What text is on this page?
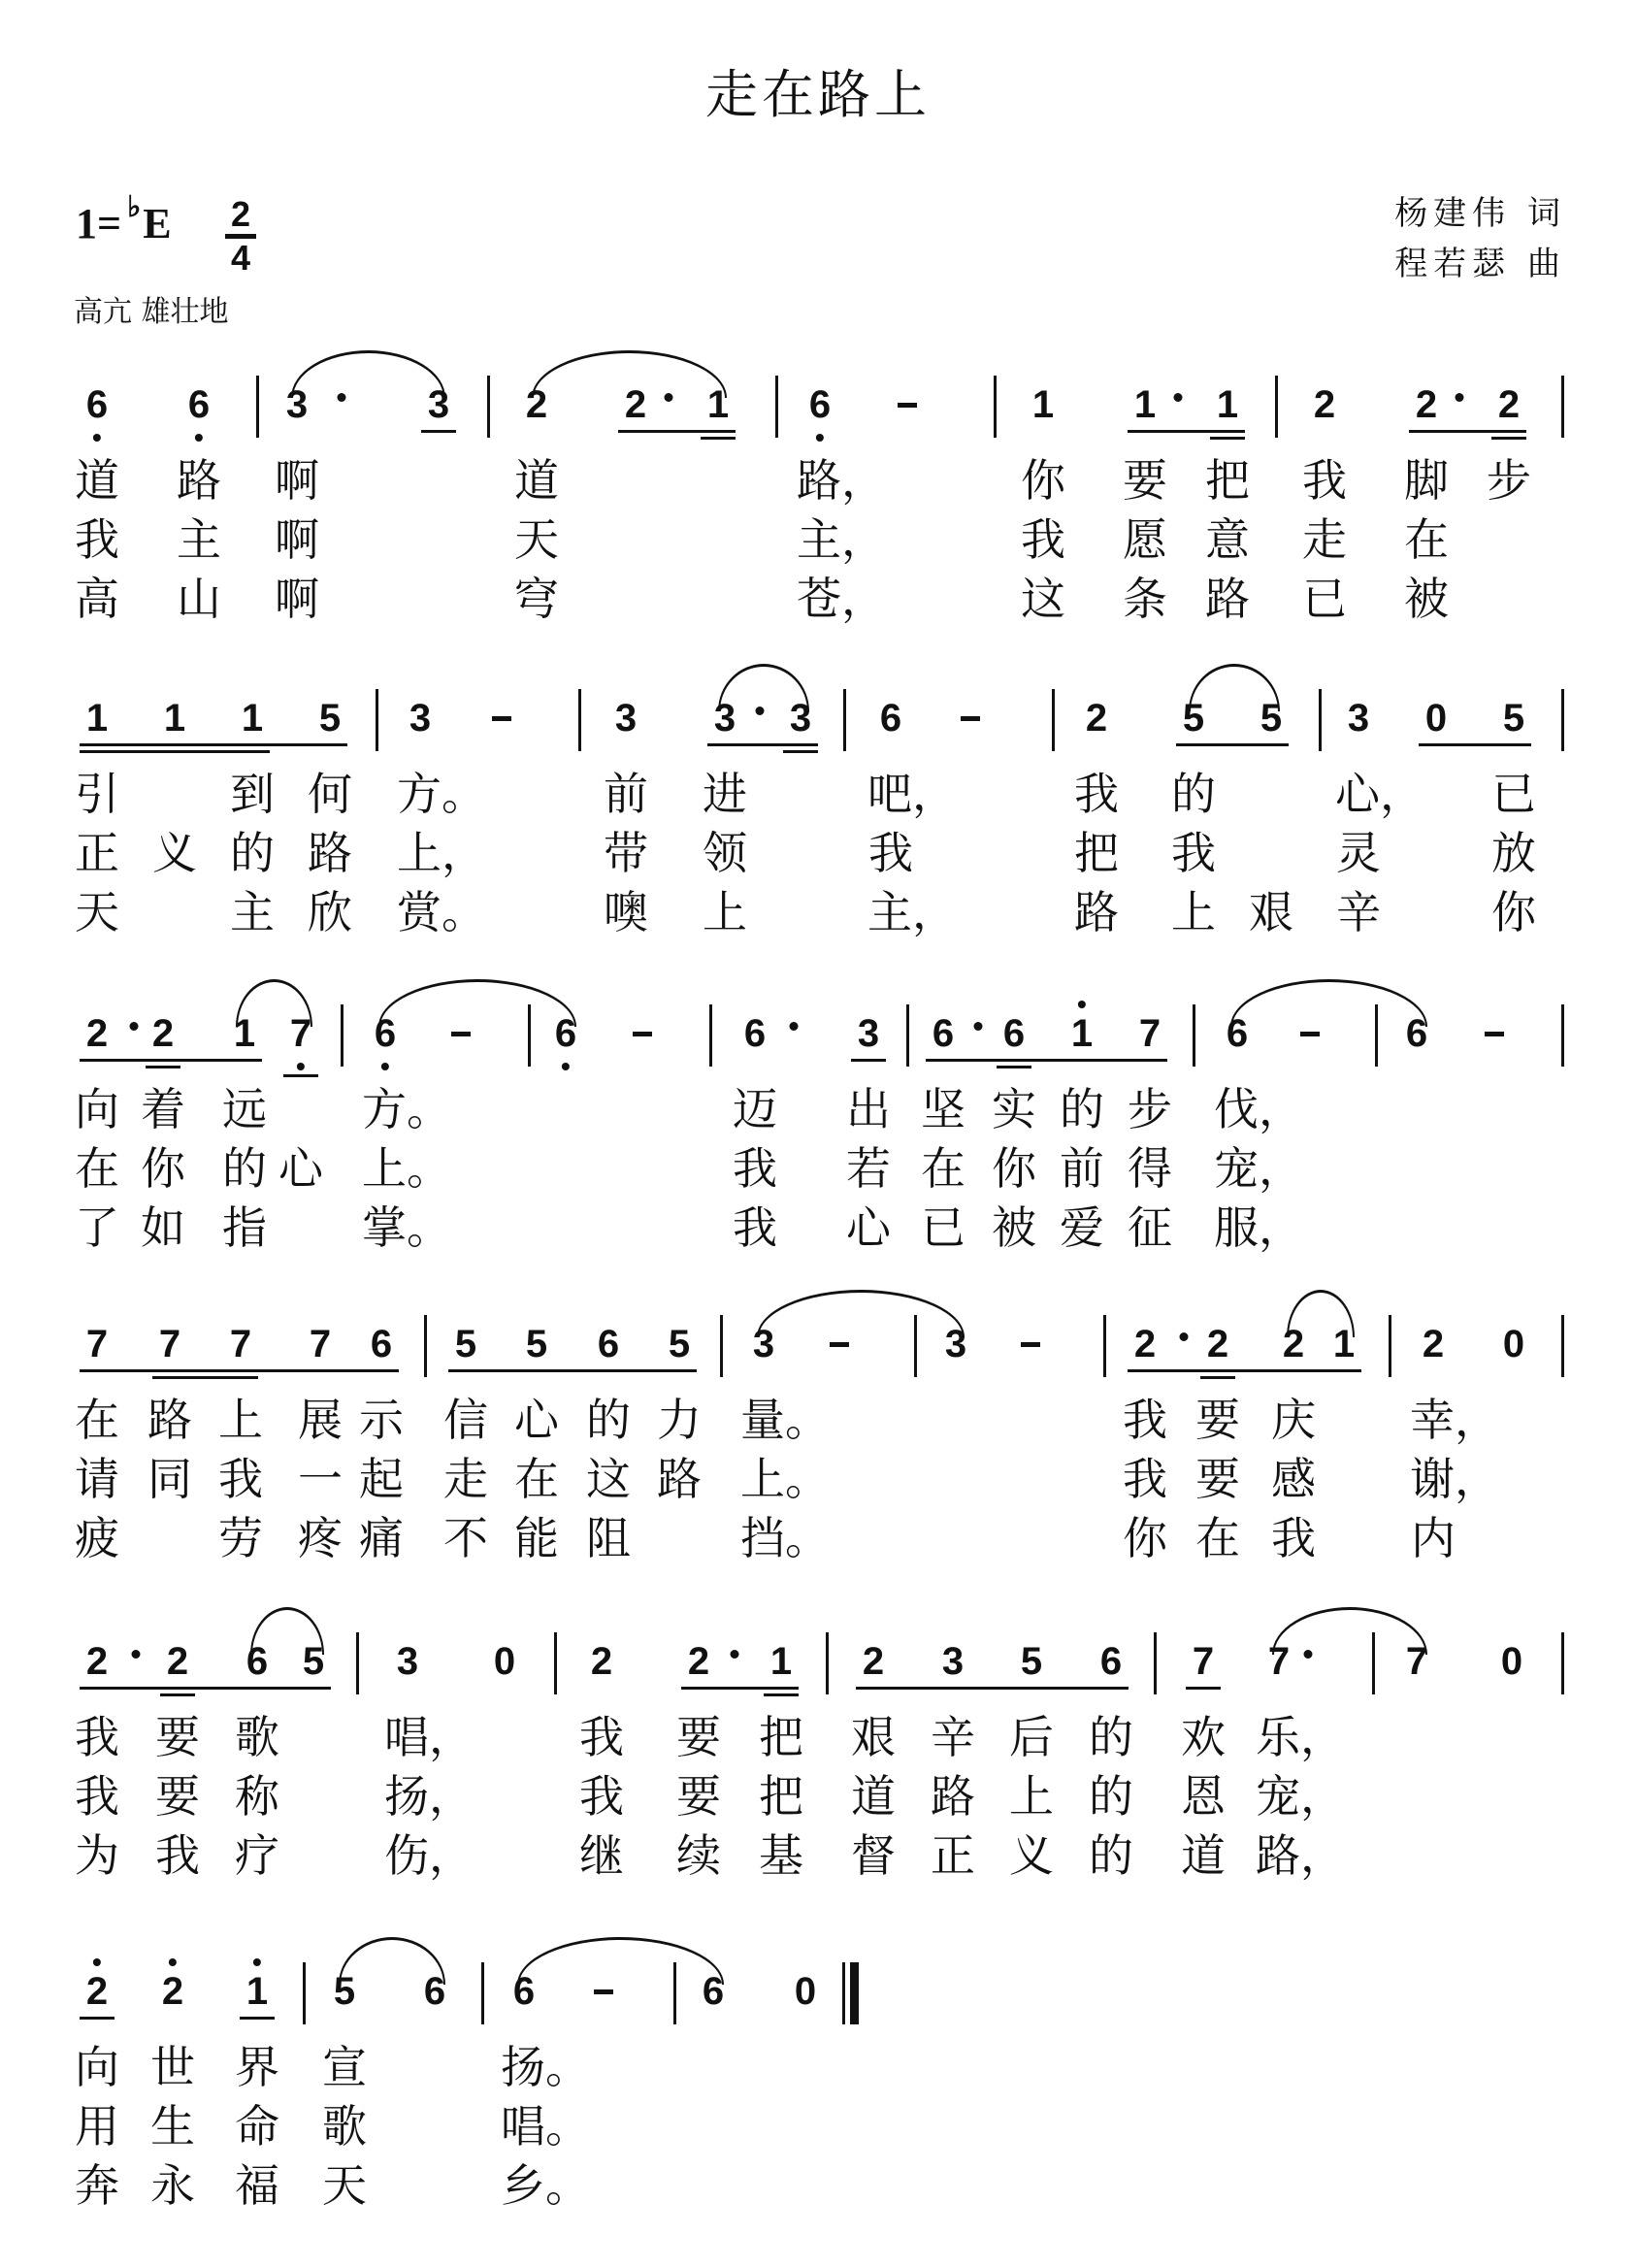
走在路上
1= ♭E 2
4
高亢 雄壮地
杨建伟 词
程若瑟 曲
6 6 3	3 2 2 1 6	1 1 1 2 2 2
道 路 啊	道	路，	你 要 把 我 脚 步
我 主 啊	天	主，	我 愿 意 走 在
高 山 啊	穹	苍，	这 条 路 已 被
1 1 1 5 3	3 3 3 6	2 5 5 3 0 5
引 到 何 方。	前 进	吧，	我 的	心， 已
正 义 的 路 上，	带 领	我	把 我	灵 放
天 主 欣 赏。	噢 上	主，	路 上 艰 辛 你
2 2 1 7 6	6	6 3 6 6 1 7 6	6
向 着 远 方。	迈 出 坚 实 的 步 伐，
在 你 的 心 上。	我 若 在 你 前 得 宠，
了 如 指 掌。	我 心 已 被 爱 征 服，
7 7 7 7 6 5 5 6 5 3	3	2 2 2 1 2 0
在 路 上 展 示 信 心 的 力 量。	我 要 庆 幸，
请 同 我 一 起 走 在 这 路 上。	我 要 感 谢，
疲 劳 疼 痛 不 能 阻 挡。	你 在 我 内
2 2 6 5 3 0 2 2 1 2 3 5 6 7 7	7 0
我 要 歌 唱， 我 要 把 艰 辛 后 的 欢 乐，
我 要 称 扬， 我 要 把 道 路 上 的 恩 宠，
为 我 疗 伤， 继 续 基 督 正 义 的 道 路，
2 2 1 5 6 6	6 0
向 世 界 宣	扬。
用 生 命 歌	唱。
奔 永 福 天	乡。
